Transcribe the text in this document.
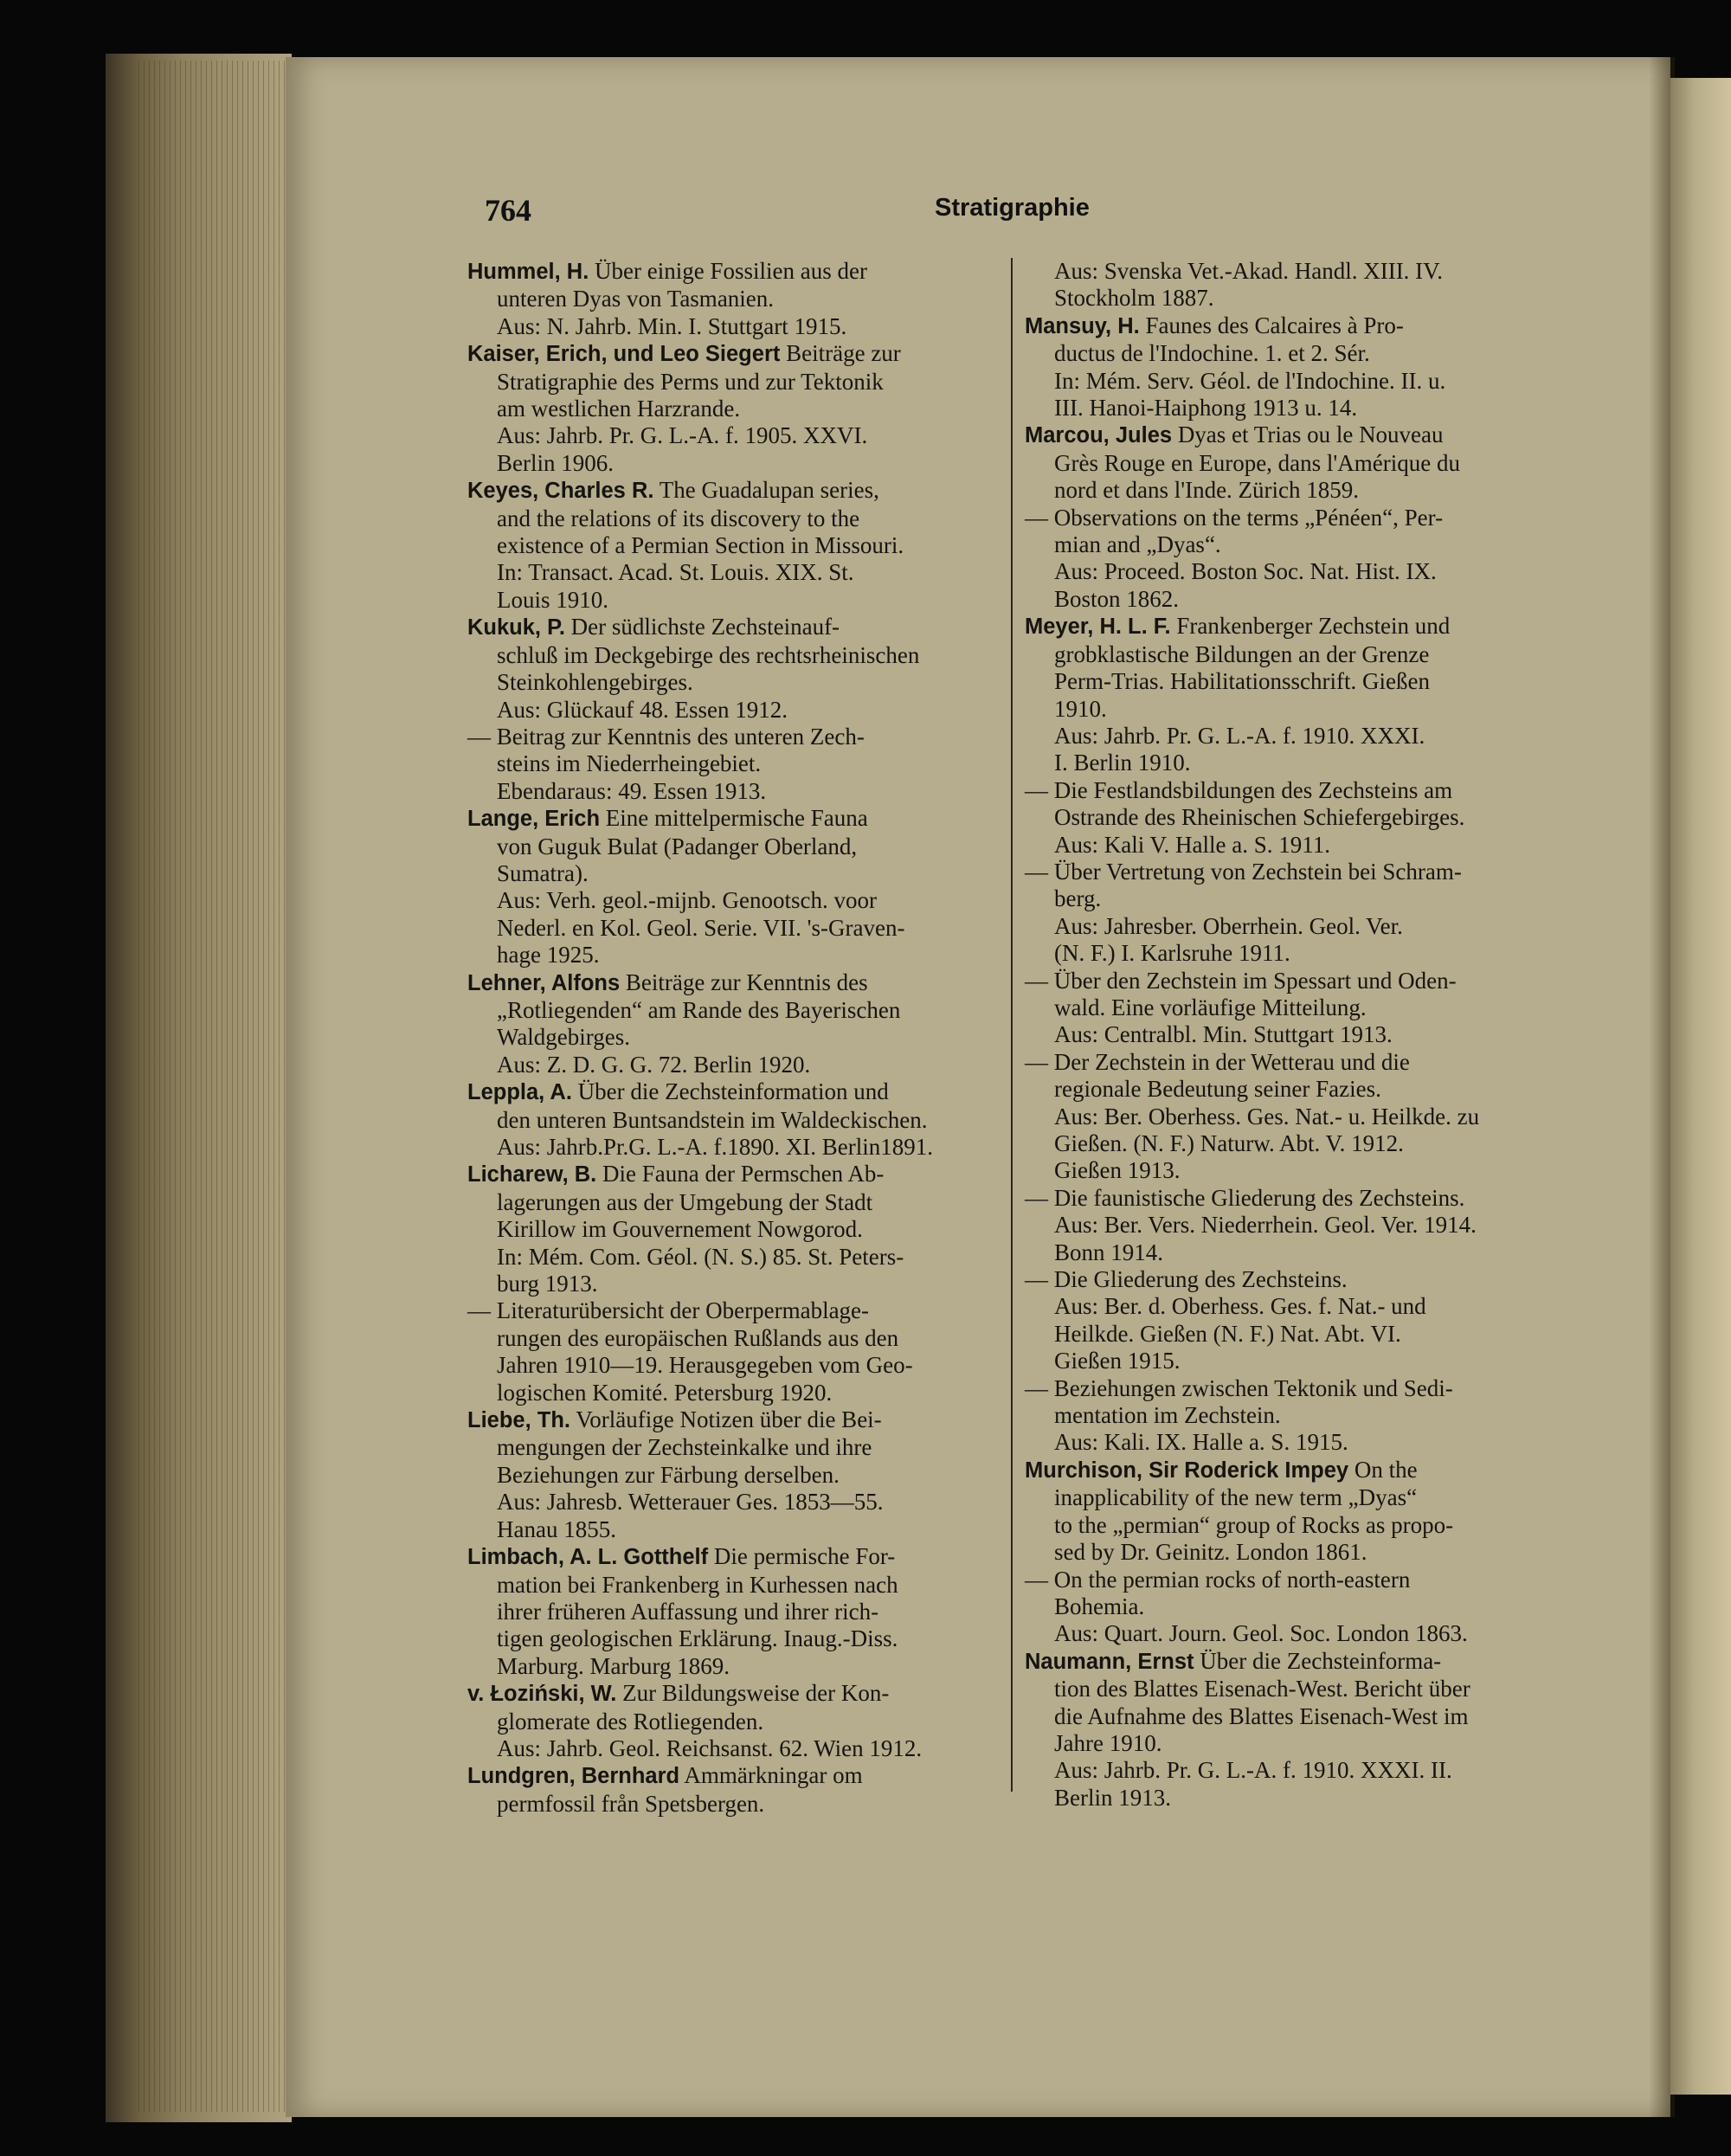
764	Stratigraphie
Hummel, H. Über einige Fossilien aus der
unteren Dyas von Tasmanien.
Aus: N. Jahrb. Min. I. Stuttgart 1915.
Kaiser, Erich, und Leo Siegert Beiträge zur
Stratigraphie des Perms und zur Tektonik
am westlichen Harzrande.
Aus: Jahrb. Pr. G. L.-A. f. 1905. XXVI.
Berlin 1906.
Keyes, Charles R. The Guadalupan series,
and the relations of its discovery to the
existence of a Permian Section in Missouri.
In: Transact. Acad. St. Louis. XIX. St.
Louis 1910.
Kukuk, P. Der südlichste Zechsteinauf-
schluß im Deckgebirge des rechtsrheinischen
Steinkohlengebirges.
Aus: Glückauf 48. Essen 1912.
— Beitrag zur Kenntnis des unteren Zech-
steins im Niederrheingebiet.
Ebendaraus: 49. Essen 1913.
Lange, Erich Eine mittelpermische Fauna
von Guguk Bulat (Padanger Oberland,
Sumatra).
Aus: Verh. geol.-mijnb. Genootsch. voor
Nederl. en Kol. Geol. Serie. VII. 's-Graven-
hage 1925.
Lehner, Alfons Beiträge zur Kenntnis des
„Rotliegenden“ am Rande des Bayerischen
Waldgebirges.
Aus: Z. D. G. G. 72. Berlin 1920.
Leppla, A. Über die Zechsteinformation und
den unteren Buntsandstein im Waldeckischen.
Aus: Jahrb.Pr.G. L.-A. f.1890. XI. Berlin1891.
Licharew, B. Die Fauna der Permschen Ab-
lagerungen aus der Umgebung der Stadt
Kirillow im Gouvernement Nowgorod.
In: Mém. Com. Géol. (N. S.) 85. St. Peters-
burg 1913.
— Literaturübersicht der Oberpermablage-
rungen des europäischen Rußlands aus den
Jahren 1910—19. Herausgegeben vom Geo-
logischen Komité. Petersburg 1920.
Liebe, Th. Vorläufige Notizen über die Bei-
mengungen der Zechsteinkalke und ihre
Beziehungen zur Färbung derselben.
Aus: Jahresb. Wetterauer Ges. 1853—55.
Hanau 1855.
Limbach, A. L. Gotthelf Die permische For-
mation bei Frankenberg in Kurhessen nach
ihrer früheren Auffassung und ihrer rich-
tigen geologischen Erklärung. Inaug.-Diss.
Marburg. Marburg 1869.
v. Łoziński, W. Zur Bildungsweise der Kon-
glomerate des Rotliegenden.
Aus: Jahrb. Geol. Reichsanst. 62. Wien 1912.
Lundgren, Bernhard Ammärkningar om
permfossil från Spetsbergen.
Aus: Svenska Vet.-Akad. Handl. XIII. IV.
Stockholm 1887.
Mansuy, H. Faunes des Calcaires à Pro-
ductus de l'Indochine. 1. et 2. Sér.
In: Mém. Serv. Géol. de l'Indochine. II. u.
III. Hanoi-Haiphong 1913 u. 14.
Marcou, Jules Dyas et Trias ou le Nouveau
Grès Rouge en Europe, dans l'Amérique du
nord et dans l'Inde. Zürich 1859.
— Observations on the terms „Pénéen“, Per-
mian and „Dyas“.
Aus: Proceed. Boston Soc. Nat. Hist. IX.
Boston 1862.
Meyer, H. L. F. Frankenberger Zechstein und
grobklastische Bildungen an der Grenze
Perm-Trias. Habilitationsschrift. Gießen
1910.
Aus: Jahrb. Pr. G. L.-A. f. 1910. XXXI.
I. Berlin 1910.
— Die Festlandsbildungen des Zechsteins am
Ostrande des Rheinischen Schiefergebirges.
Aus: Kali V. Halle a. S. 1911.
— Über Vertretung von Zechstein bei Schram-
berg.
Aus: Jahresber. Oberrhein. Geol. Ver.
(N. F.) I. Karlsruhe 1911.
— Über den Zechstein im Spessart und Oden-
wald. Eine vorläufige Mitteilung.
Aus: Centralbl. Min. Stuttgart 1913.
— Der Zechstein in der Wetterau und die
regionale Bedeutung seiner Fazies.
Aus: Ber. Oberhess. Ges. Nat.- u. Heilkde. zu
Gießen. (N. F.) Naturw. Abt. V. 1912.
Gießen 1913.
— Die faunistische Gliederung des Zechsteins.
Aus: Ber. Vers. Niederrhein. Geol. Ver. 1914.
Bonn 1914.
— Die Gliederung des Zechsteins.
Aus: Ber. d. Oberhess. Ges. f. Nat.- und
Heilkde. Gießen (N. F.) Nat. Abt. VI.
Gießen 1915.
— Beziehungen zwischen Tektonik und Sedi-
mentation im Zechstein.
Aus: Kali. IX. Halle a. S. 1915.
Murchison, Sir Roderick Impey On the
inapplicability of the new term „Dyas“
to the „permian“ group of Rocks as propo-
sed by Dr. Geinitz. London 1861.
— On the permian rocks of north-eastern
Bohemia.
Aus: Quart. Journ. Geol. Soc. London 1863.
Naumann, Ernst Über die Zechsteinforma-
tion des Blattes Eisenach-West. Bericht über
die Aufnahme des Blattes Eisenach-West im
Jahre 1910.
Aus: Jahrb. Pr. G. L.-A. f. 1910. XXXI. II.
Berlin 1913.
